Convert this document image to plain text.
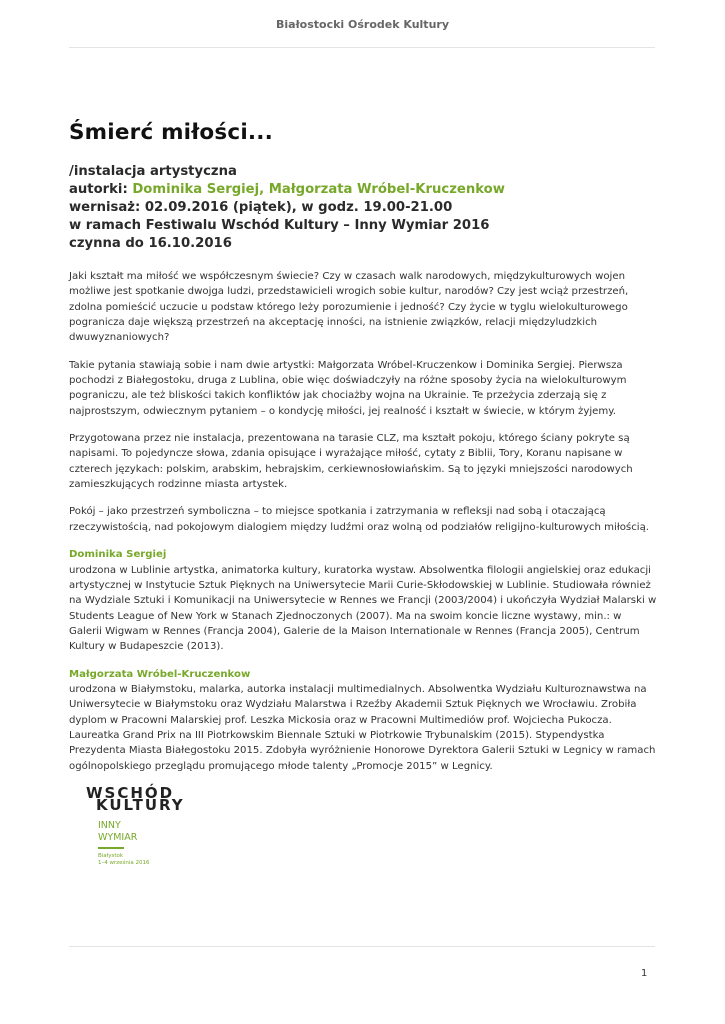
Białostocki Ośrodek Kultury
Śmierć miłości...
/instalacja artystyczna
autorki: Dominika Sergiej, Małgorzata Wróbel-Kruczenkow
wernisaż: 02.09.2016 (piątek), w godz. 19.00-21.00
w ramach Festiwalu Wschód Kultury – Inny Wymiar 2016
czynna do 16.10.2016

Jaki kształt ma miłość we współczesnym świecie? Czy w czasach walk narodowych, międzykulturowych wojen możliwe jest spotkanie dwojga ludzi, przedstawicieli wrogich sobie kultur, narodów? Czy jest wciąż przestrzeń, zdolna pomieścić uczucie u podstaw którego leży porozumienie i jedność? Czy życie w tyglu wielokulturowego pogranicza daje większą przestrzeń na akceptację inności, na istnienie związków, relacji międzyludzkich dwuwyznaniowych?

Takie pytania stawiają sobie i nam dwie artystki: Małgorzata Wróbel-Kruczenkow i Dominika Sergiej. Pierwsza pochodzi z Białegostoku, druga z Lublina, obie więc doświadczyły na różne sposoby życia na wielokulturowym pograniczu, ale też bliskości takich konfliktów jak chociażby wojna na Ukrainie. Te przeżycia zderzają się z najprostszym, odwiecznym pytaniem – o kondycję miłości, jej realność i kształt w świecie, w którym żyjemy.

Przygotowana przez nie instalacja, prezentowana na tarasie CLZ, ma kształt pokoju, którego ściany pokryte są napisami. To pojedyncze słowa, zdania opisujące i wyrażające miłość, cytaty z Biblii, Tory, Koranu napisane w czterech językach: polskim, arabskim, hebrajskim, cerkiewnosłowiańskim. Są to języki mniejszości narodowych zamieszkujących rodzinne miasta artystek.

Pokój – jako przestrzeń symboliczna – to miejsce spotkania i zatrzymania w refleksji nad sobą i otaczającą rzeczywistością, nad pokojowym dialogiem między ludźmi oraz wolną od podziałów religijno-kulturowych miłością.

Dominika Sergiej
urodzona w Lublinie artystka, animatorka kultury, kuratorka wystaw. Absolwentka filologii angielskiej oraz edukacji artystycznej w Instytucie Sztuk Pięknych na Uniwersytecie Marii Curie-Skłodowskiej w Lublinie. Studiowała również na Wydziale Sztuki i Komunikacji na Uniwersytecie w Rennes we Francji (2003/2004) i ukończyła Wydział Malarski w Students League of New York w Stanach Zjednoczonych (2007). Ma na swoim koncie liczne wystawy, min.: w Galerii Wigwam w Rennes (Francja 2004), Galerie de la Maison Internationale w Rennes (Francja 2005), Centrum Kultury w Budapeszcie (2013).
Małgorzata Wróbel-Kruczenkow
urodzona w Białymstoku, malarka, autorka instalacji multimedialnych. Absolwentka Wydziału Kulturoznawstwa na Uniwersytecie w Białymstoku oraz Wydziału Malarstwa i Rzeźby Akademii Sztuk Pięknych we Wrocławiu. Zrobiła dyplom w Pracowni Malarskiej prof. Leszka Mickosia oraz w Pracowni Multimediów prof. Wojciecha Pukocza. Laureatka Grand Prix na III Piotrkowskim Biennale Sztuki w Piotrkowie Trybunalskim (2015). Stypendystka Prezydenta Miasta Białegostoku 2015. Zdobyła wyróżnienie Honorowe Dyrektora Galerii Sztuki w Legnicy w ramach ogólnopolskiego przeglądu promującego młode talenty „Promocje 2015” w Legnicy.
WSCHÓD
KULTURY
INNY
WYMIAR
Białystok
1–4 września 2016
1
